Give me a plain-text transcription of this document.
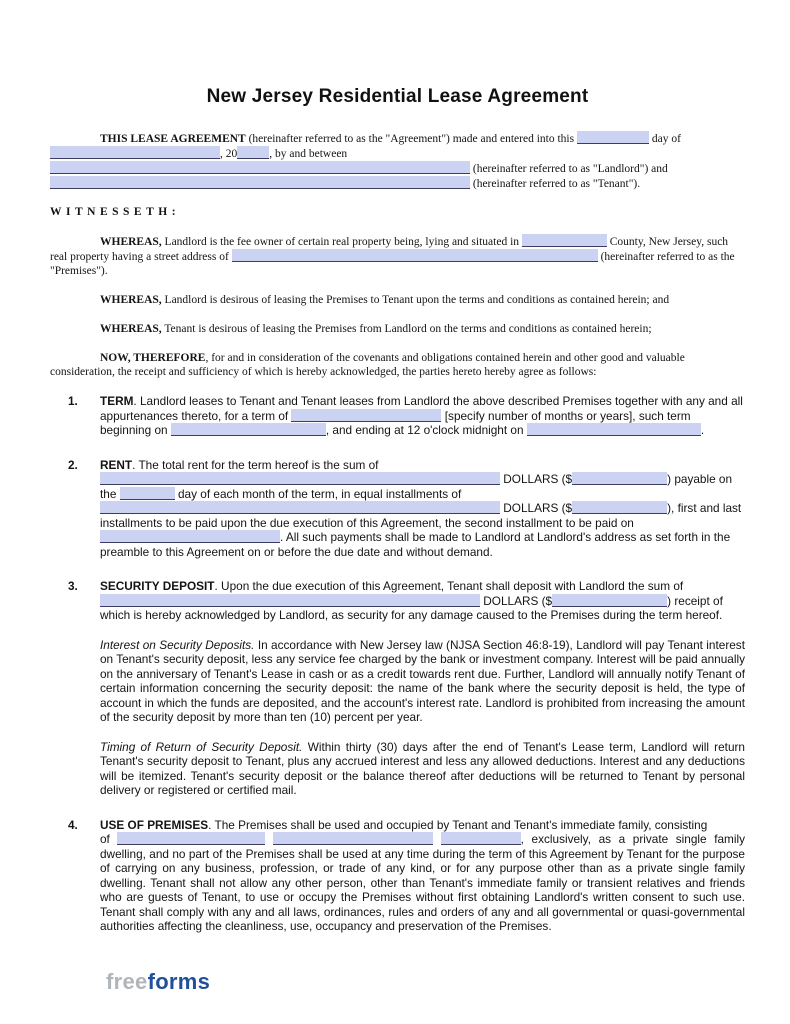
New Jersey Residential Lease Agreement
THIS LEASE AGREEMENT (hereinafter referred to as the "Agreement") made and entered into this	day of , 20	, by and between  (hereinafter referred to as "Landlord") and  (hereinafter referred to as "Tenant").
WITNESSETH:
WHEREAS, Landlord is the fee owner of certain real property being, lying and situated in	County, New Jersey, such real property having a street address of	(hereinafter referred to as the "Premises").
WHEREAS, Landlord is desirous of leasing the Premises to Tenant upon the terms and conditions as contained herein; and
WHEREAS, Tenant is desirous of leasing the Premises from Landlord on the terms and conditions as contained herein;
NOW, THEREFORE, for and in consideration of the covenants and obligations contained herein and other good and valuable consideration, the receipt and sufficiency of which is hereby acknowledged, the parties hereto hereby agree as follows:
1.	TERM. Landlord leases to Tenant and Tenant leases from Landlord the above described Premises together with any and all appurtenances thereto, for a term of	[specify number of months or years], such term beginning on	, and ending at 12 o'clock midnight on	.
2.	RENT. The total rent for the term hereof is the sum of  DOLLARS ($	) payable on the	day of each month of the term, in equal installments of  DOLLARS ($	), first and last installments to be paid upon the due execution of this Agreement, the second installment to be paid on . All such payments shall be made to Landlord at Landlord's address as set forth in the preamble to this Agreement on or before the due date and without demand.
3.	SECURITY DEPOSIT. Upon the due execution of this Agreement, Tenant shall deposit with Landlord the sum of  DOLLARS ($	) receipt of which is hereby acknowledged by Landlord, as security for any damage caused to the Premises during the term hereof.
Interest on Security Deposits. In accordance with New Jersey law (NJSA Section 46:8-19), Landlord will pay Tenant interest on Tenant's security deposit, less any service fee charged by the bank or investment company. Interest will be paid annually on the anniversary of Tenant's Lease in cash or as a credit towards rent due. Further, Landlord will annually notify Tenant of certain information concerning the security deposit: the name of the bank where the security deposit is held, the type of account in which the funds are deposited, and the account's interest rate. Landlord is prohibited from increasing the amount of the security deposit by more than ten (10) percent per year.
Timing of Return of Security Deposit. Within thirty (30) days after the end of Tenant's Lease term, Landlord will return Tenant's security deposit to Tenant, plus any accrued interest and less any allowed deductions. Interest and any deductions will be itemized. Tenant's security deposit or the balance thereof after deductions will be returned to Tenant by personal delivery or registered or certified mail.
4.	USE OF PREMISES. The Premises shall be used and occupied by Tenant and Tenant's immediate family, consisting
of	, exclusively, as a private single family dwelling, and no part of the Premises shall be used at any time during the term of this Agreement by Tenant for the purpose of carrying on any business, profession, or trade of any kind, or for any purpose other than as a private single family dwelling. Tenant shall not allow any other person, other than Tenant's immediate family or transient relatives and friends who are guests of Tenant, to use or occupy the Premises without first obtaining Landlord's written consent to such use. Tenant shall comply with any and all laws, ordinances, rules and orders of any and all governmental or quasi-governmental authorities affecting the cleanliness, use, occupancy and preservation of the Premises.
freeforms
